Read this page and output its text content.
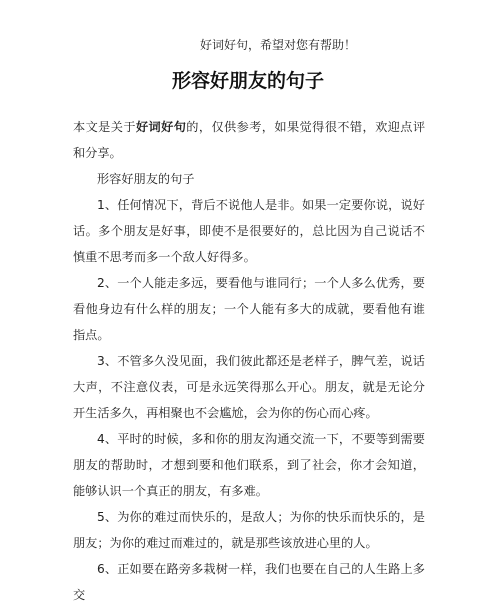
好词好句，希望对您有帮助！
形容好朋友的句子

本文是关于好词好句的，仅供参考，如果觉得很不错，欢迎点评和分享。

形容好朋友的句子

1、任何情况下，背后不说他人是非。如果一定要你说，说好话。多个朋友是好事，即使不是很要好的，总比因为自己说话不慎重不思考而多一个敌人好得多。

2、一个人能走多远，要看他与谁同行；一个人多么优秀，要看他身边有什么样的朋友；一个人能有多大的成就，要看他有谁指点。

3、不管多久没见面，我们彼此都还是老样子，脾气差，说话大声，不注意仪表，可是永远笑得那么开心。朋友，就是无论分开生活多久，再相聚也不会尴尬，会为你的伤心而心疼。

4、平时的时候，多和你的朋友沟通交流一下，不要等到需要朋友的帮助时，才想到要和他们联系，到了社会，你才会知道，能够认识一个真正的朋友，有多难。

5、为你的难过而快乐的，是敌人；为你的快乐而快乐的，是朋友；为你的难过而难过的，就是那些该放进心里的人。

6、正如要在路旁多栽树一样，我们也要在自己的人生路上多交
